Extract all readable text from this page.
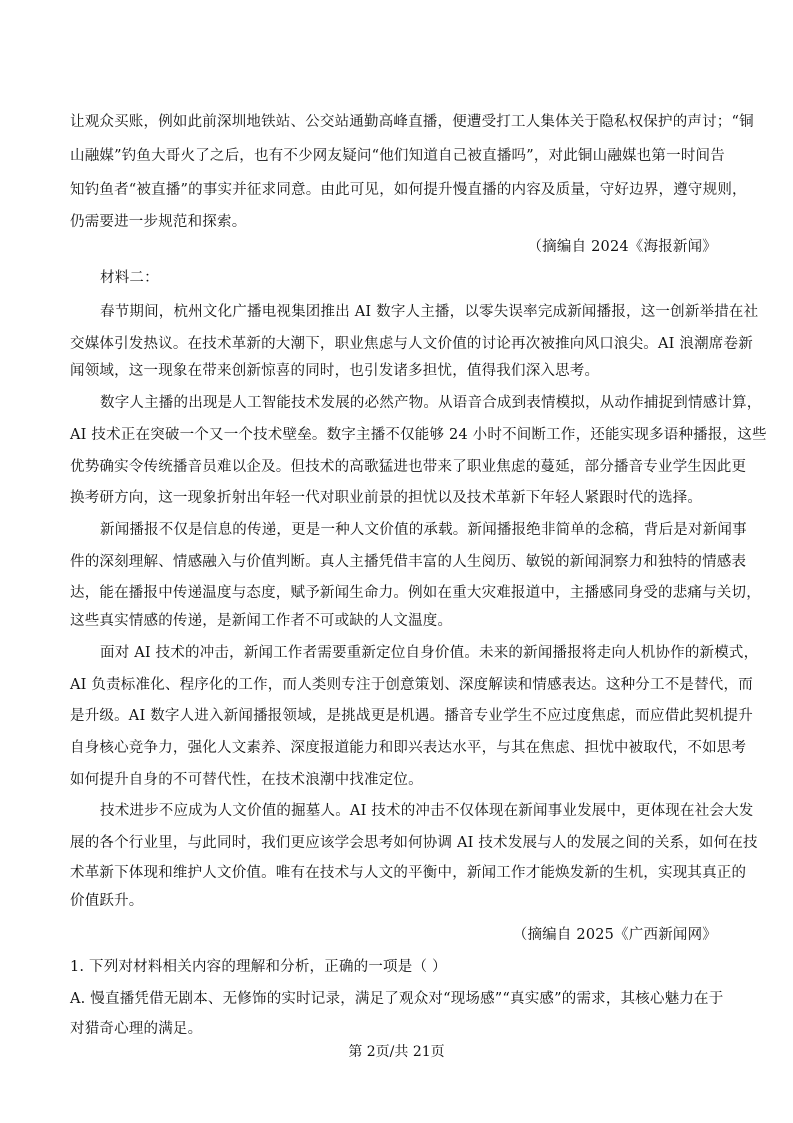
让观众买账，例如此前深圳地铁站、公交站通勤高峰直播，便遭受打工人集体关于隐私权保护的声讨；“铜
山融媒”钓鱼大哥火了之后，也有不少网友疑问“他们知道自己被直播吗”，对此铜山融媒也第一时间告
知钓鱼者“被直播”的事实并征求同意。由此可见，如何提升慢直播的内容及质量，守好边界，遵守规则，
仍需要进一步规范和探索。
（摘编自 2024《海报新闻》
材料二：
春节期间，杭州文化广播电视集团推出 AI 数字人主播，以零失误率完成新闻播报，这一创新举措在社
交媒体引发热议。在技术革新的大潮下，职业焦虑与人文价值的讨论再次被推向风口浪尖。AI 浪潮席卷新
闻领域，这一现象在带来创新惊喜的同时，也引发诸多担忧，值得我们深入思考。
数字人主播的出现是人工智能技术发展的必然产物。从语音合成到表情模拟，从动作捕捉到情感计算，
AI 技术正在突破一个又一个技术壁垒。数字主播不仅能够 24 小时不间断工作，还能实现多语种播报，这些
优势确实令传统播音员难以企及。但技术的高歌猛进也带来了职业焦虑的蔓延，部分播音专业学生因此更
换考研方向，这一现象折射出年轻一代对职业前景的担忧以及技术革新下年轻人紧跟时代的选择。
新闻播报不仅是信息的传递，更是一种人文价值的承载。新闻播报绝非简单的念稿，背后是对新闻事
件的深刻理解、情感融入与价值判断。真人主播凭借丰富的人生阅历、敏锐的新闻洞察力和独特的情感表
达，能在播报中传递温度与态度，赋予新闻生命力。例如在重大灾难报道中，主播感同身受的悲痛与关切，
这些真实情感的传递，是新闻工作者不可或缺的人文温度。
面对 AI 技术的冲击，新闻工作者需要重新定位自身价值。未来的新闻播报将走向人机协作的新模式，
AI 负责标准化、程序化的工作，而人类则专注于创意策划、深度解读和情感表达。这种分工不是替代，而
是升级。AI 数字人进入新闻播报领域，是挑战更是机遇。播音专业学生不应过度焦虑，而应借此契机提升
自身核心竞争力，强化人文素养、深度报道能力和即兴表达水平，与其在焦虑、担忧中被取代，不如思考
如何提升自身的不可替代性，在技术浪潮中找准定位。
技术进步不应成为人文价值的掘墓人。AI 技术的冲击不仅体现在新闻事业发展中，更体现在社会大发
展的各个行业里，与此同时，我们更应该学会思考如何协调 AI 技术发展与人的发展之间的关系，如何在技
术革新下体现和维护人文价值。唯有在技术与人文的平衡中，新闻工作才能焕发新的生机，实现其真正的
价值跃升。
（摘编自 2025《广西新闻网》
1. 下列对材料相关内容的理解和分析，正确的一项是（ ）
A. 慢直播凭借无剧本、无修饰的实时记录，满足了观众对“现场感”“真实感”的需求，其核心魅力在于
对猎奇心理的满足。
第 2页/共 21页
